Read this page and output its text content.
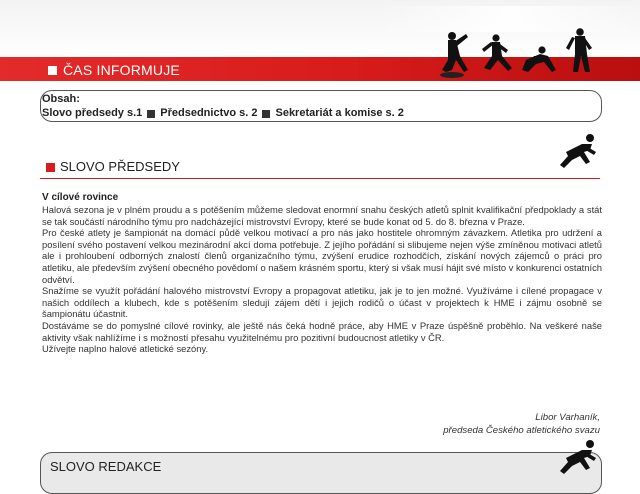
ČAS INFORMUJE
Obsah:
Slovo předsedy s.1 Předsednictvo s. 2 Sekretariát a komise s. 2
SLOVO PŘEDSEDY
V cílové rovince

Halová sezona je v plném proudu a s potěšením můžeme sledovat enormní snahu českých atletů splnit kvalifikační předpoklady a stát se tak součástí národního týmu pro nadcházející mistrovství Evropy, které se bude konat od 5. do 8. března v Praze.

Pro české atlety je šampionát na domácí půdě velkou motivací a pro nás jako hostitele ohromným závazkem. Atletika pro udržení a posílení svého postavení velkou mezinárodní akcí doma potřebuje. Z jejího pořádání si slibujeme nejen výše zmíněnou motivaci atletů ale i prohloubení odborných znalostí členů organizačního týmu, zvýšení erudice rozhodčích, získání nových zájemců o práci pro atletiku, ale především zvýšení obecného povědomí o našem krásném sportu, který si však musí hájit své místo v konkurenci ostatních odvětví.

Snažíme se využít pořádání halového mistrovství Evropy a propagovat atletiku, jak je to jen možné. Využíváme i cílené propagace v našich oddílech a klubech, kde s potěšením sledují zájem dětí i jejich rodičů o účast v projektech k HME i zájmu osobně se šampionátu účastnit.

Dostáváme se do pomyslné cílové rovinky, ale ještě nás čeká hodně práce, aby HME v Praze úspěšně proběhlo. Na veškeré naše aktivity však nahlížíme i s možností přesahu využitelnému pro pozitivní budoucnost atletiky v ČR.

Užívejte naplno halové atletické sezóny.

Libor Varhaník,
předseda Českého atletického svazu
SLOVO REDAKCE
